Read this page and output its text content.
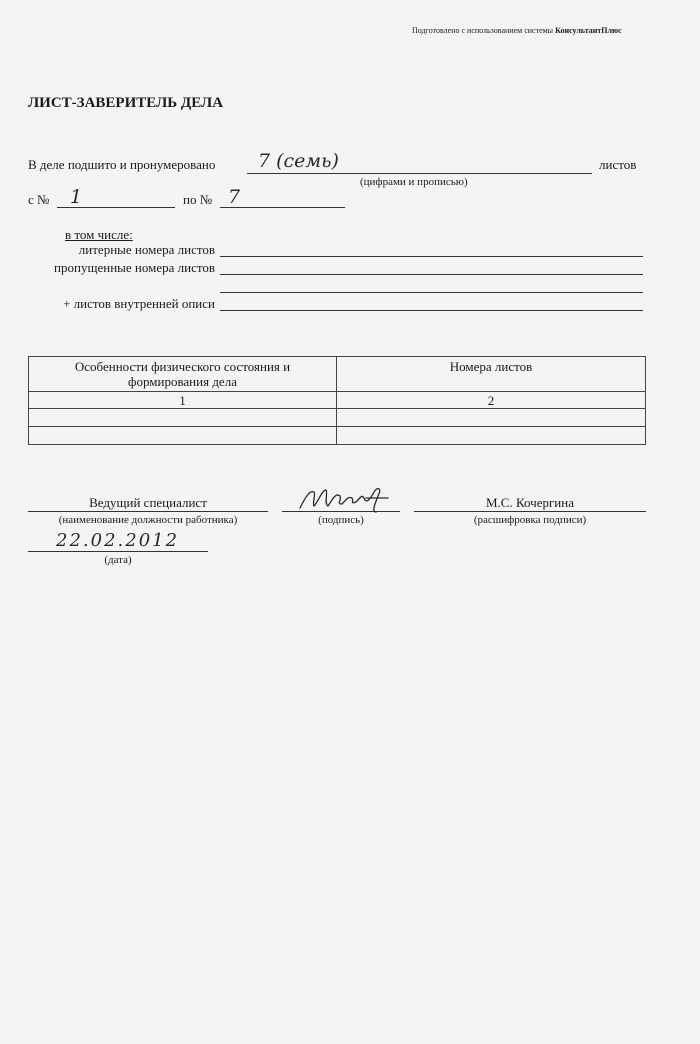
Подготовлено с использованием системы КонсультантПлюс
ЛИСТ-ЗАВЕРИТЕЛЬ ДЕЛА
В деле подшито и пронумеровано 7 (семь)	листов
(цифрами и прописью)
с № 1	по № 7
в том числе:
литерные номера листов
пропущенные номера листов
+ листов внутренней описи
Особенности физического состояния и формирования дела	Номера листов
1	2

Ведущий специалист
(наименование должности работника)	(подпись)
М.С. Кочергина
(расшифровка подписи)
22.02.2012
(дата)
